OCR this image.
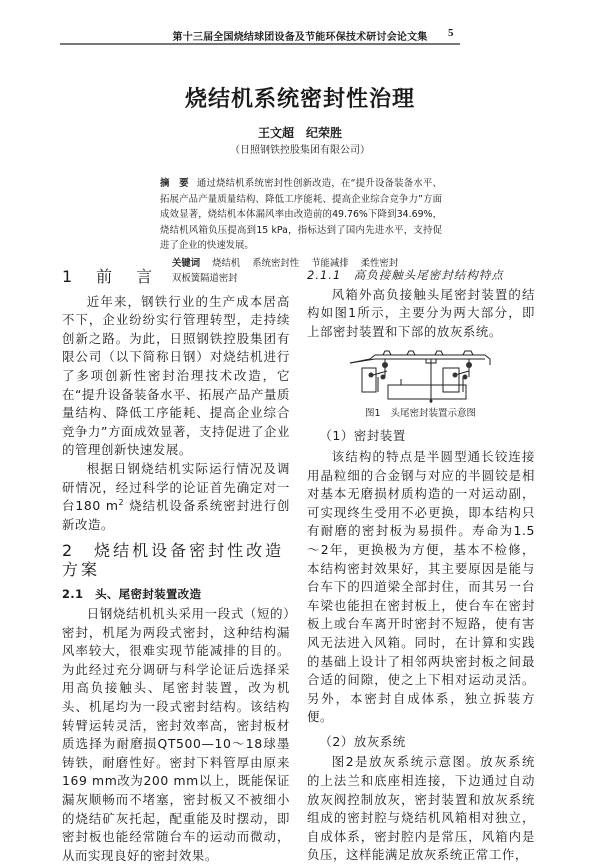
第十三届全国烧结球团设备及节能环保技术研讨会论文集	5
烧结机系统密封性治理
王文超　纪荣胜
（日照钢铁控股集团有限公司）
摘　要 通过烧结机系统密封性创新改造，在“提升设备装备水平、拓展产品产量质量结构、降低工序能耗、提高企业综合竞争力”方面成效显著，烧结机本体漏风率由改造前的49.76%下降到34.69%，烧结机风箱负压提高到15 kPa，指标达到了国内先进水平，支持促进了企业的快速发展。
关键词 烧结机 系统密封性 节能减排 柔性密封 双板簧隔道密封
1　前　言

近年来，钢铁行业的生产成本居高不下，企业纷纷实行管理转型，走持续创新之路。为此，日照钢铁控股集团有限公司（以下简称日钢）对烧结机进行了多项创新性密封治理技术改造，它在“提升设备装备水平、拓展产品产量质量结构、降低工序能耗、提高企业综合竞争力”方面成效显著，支持促进了企业的管理创新快速发展。

根据日钢烧结机实际运行情况及调研情况，经过科学的论证首先确定对一台180 $m^2$ 烧结机设备系统密封进行创新改造。

2　烧结机设备密封性改造方案
2.1　头、尾密封装置改造

日钢烧结机机头采用一段式（短的）密封，机尾为两段式密封，这种结构漏风率较大，很难实现节能减排的目的。为此经过充分调研与科学论证后选择采用高负接触头、尾密封装置，改为机头、机尾均为一段式密封结构。该结构转臂运转灵活，密封效率高，密封板材质选择为耐磨损QT500—10～18球墨铸铁，耐磨性好。密封下料管厚由原来169 mm改为200 mm以上，既能保证漏灰顺畅而不堵塞，密封板又不被细小的烧结矿灰托起，配重能及时摆动，即密封板也能经常随台车的运动而微动，从而实现良好的密封效果。

2.1.1　高负接触头尾密封结构特点

风箱外高负接触头尾密封装置的结构如图1所示，主要分为两大部分，即上部密封装置和下部的放灰系统。

图1 头尾密封装置示意图

（1）密封装置

该结构的特点是半圆型通长铰连接用晶粒细的合金钢与对应的半圆铰是相对基本无磨损材质构造的一对运动副，可实现终生受用不必更换，即本结构只有耐磨的密封板为易损件。寿命为1.5～2年，更换极为方便，基本不检修，本结构密封效果好，其主要原因是能与台车下的四道梁全部封住，而其另一台车梁也能担在密封板上，使台车在密封板上或台车离开时密封不短路，使有害风无法进入风箱。同时，在计算和实践的基础上设计了相邻两块密封板之间最合适的间隙，使之上下相对运动灵活。另外，本密封自成体系，独立拆装方便。

（2）放灰系统

图2是放灰系统示意图。放灰系统的上法兰和底座相连接，下边通过自动放灰阀控制放灰，密封装置和放灰系统组成的密封腔与烧结机风箱相对独立，自成体系，密封腔内是常压，风箱内是负压，这样能满足放灰系统正常工作，
